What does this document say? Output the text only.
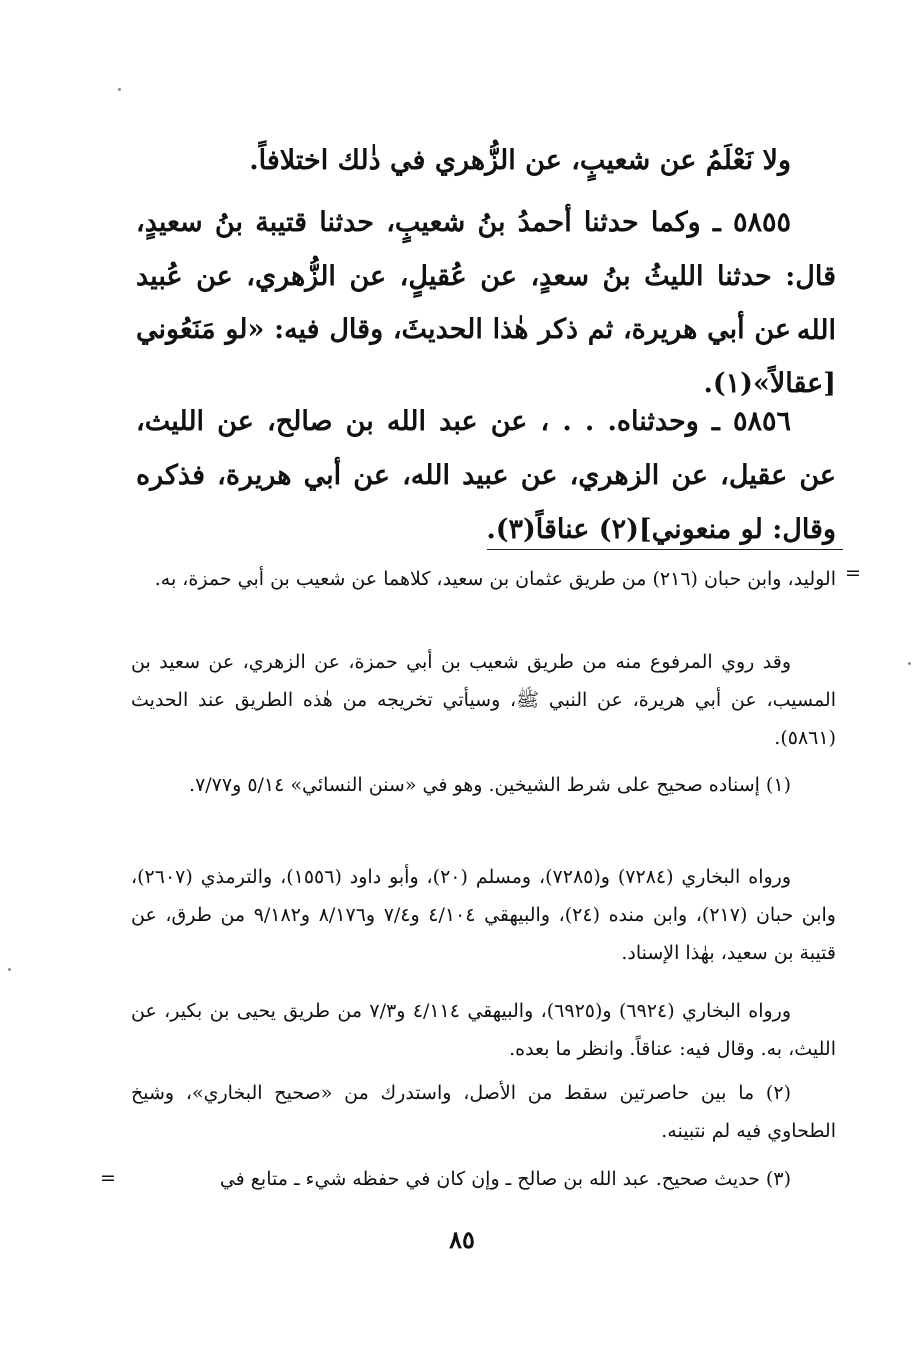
ولا نَعْلَمُ عن شعيبٍ، عن الزُّهري في ذٰلك اختلافاً.

٥٨٥٥ ـ وكما حدثنا أحمدُ بنُ شعيبٍ، حدثنا قتيبة بنُ سعيدٍ، قال: حدثنا الليثُ بنُ سعدٍ، عن عُقيلٍ، عن الزُّهري، عن عُبيد الله

عن أبي هريرة، ثم ذكر هٰذا الحديثَ، وقال فيه: «لو مَنَعُوني [عقالاً»(١).

٥٨٥٦ ـ وحدثناه. . . ، عن عبد الله بن صالح، عن الليث، عن عقيل، عن الزهري، عن عبيد الله، عن أبي هريرة، فذكره وقال: لو منعوني](٢) عناقاً(٣).

=

الوليد، وابن حبان (٢١٦) من طريق عثمان بن سعيد، كلاهما عن شعيب بن أبي حمزة، به.

وقد روي المرفوع منه من طريق شعيب بن أبي حمزة، عن الزهري، عن سعيد بن المسيب، عن أبي هريرة، عن النبي ﷺ، وسيأتي تخريجه من هٰذه الطريق عند الحديث (٥٨٦١).

(١) إسناده صحيح على شرط الشيخين. وهو في «سنن النسائي» ٥/١٤ و٧/٧٧.

ورواه البخاري (٧٢٨٤) و(٧٢٨٥)، ومسلم (٢٠)، وأبو داود (١٥٥٦)، والترمذي (٢٦٠٧)، وابن حبان (٢١٧)، وابن منده (٢٤)، والبيهقي ٤/١٠٤ و٧/٤ و٨/١٧٦ و٩/١٨٢ من طرق، عن قتيبة بن سعيد، بهٰذا الإسناد.

ورواه البخاري (٦٩٢٤) و(٦٩٢٥)، والبيهقي ٤/١١٤ و٧/٣ من طريق يحيى بن بكير، عن الليث، به. وقال فيه: عناقاً. وانظر ما بعده.

(٢) ما بين حاصرتين سقط من الأصل، واستدرك من «صحيح البخاري»، وشيخ الطحاوي فيه لم نتبينه.

(٣) حديث صحيح. عبد الله بن صالح ـ وإن كان في حفظه شيء ـ متابع في

=
٨٥
